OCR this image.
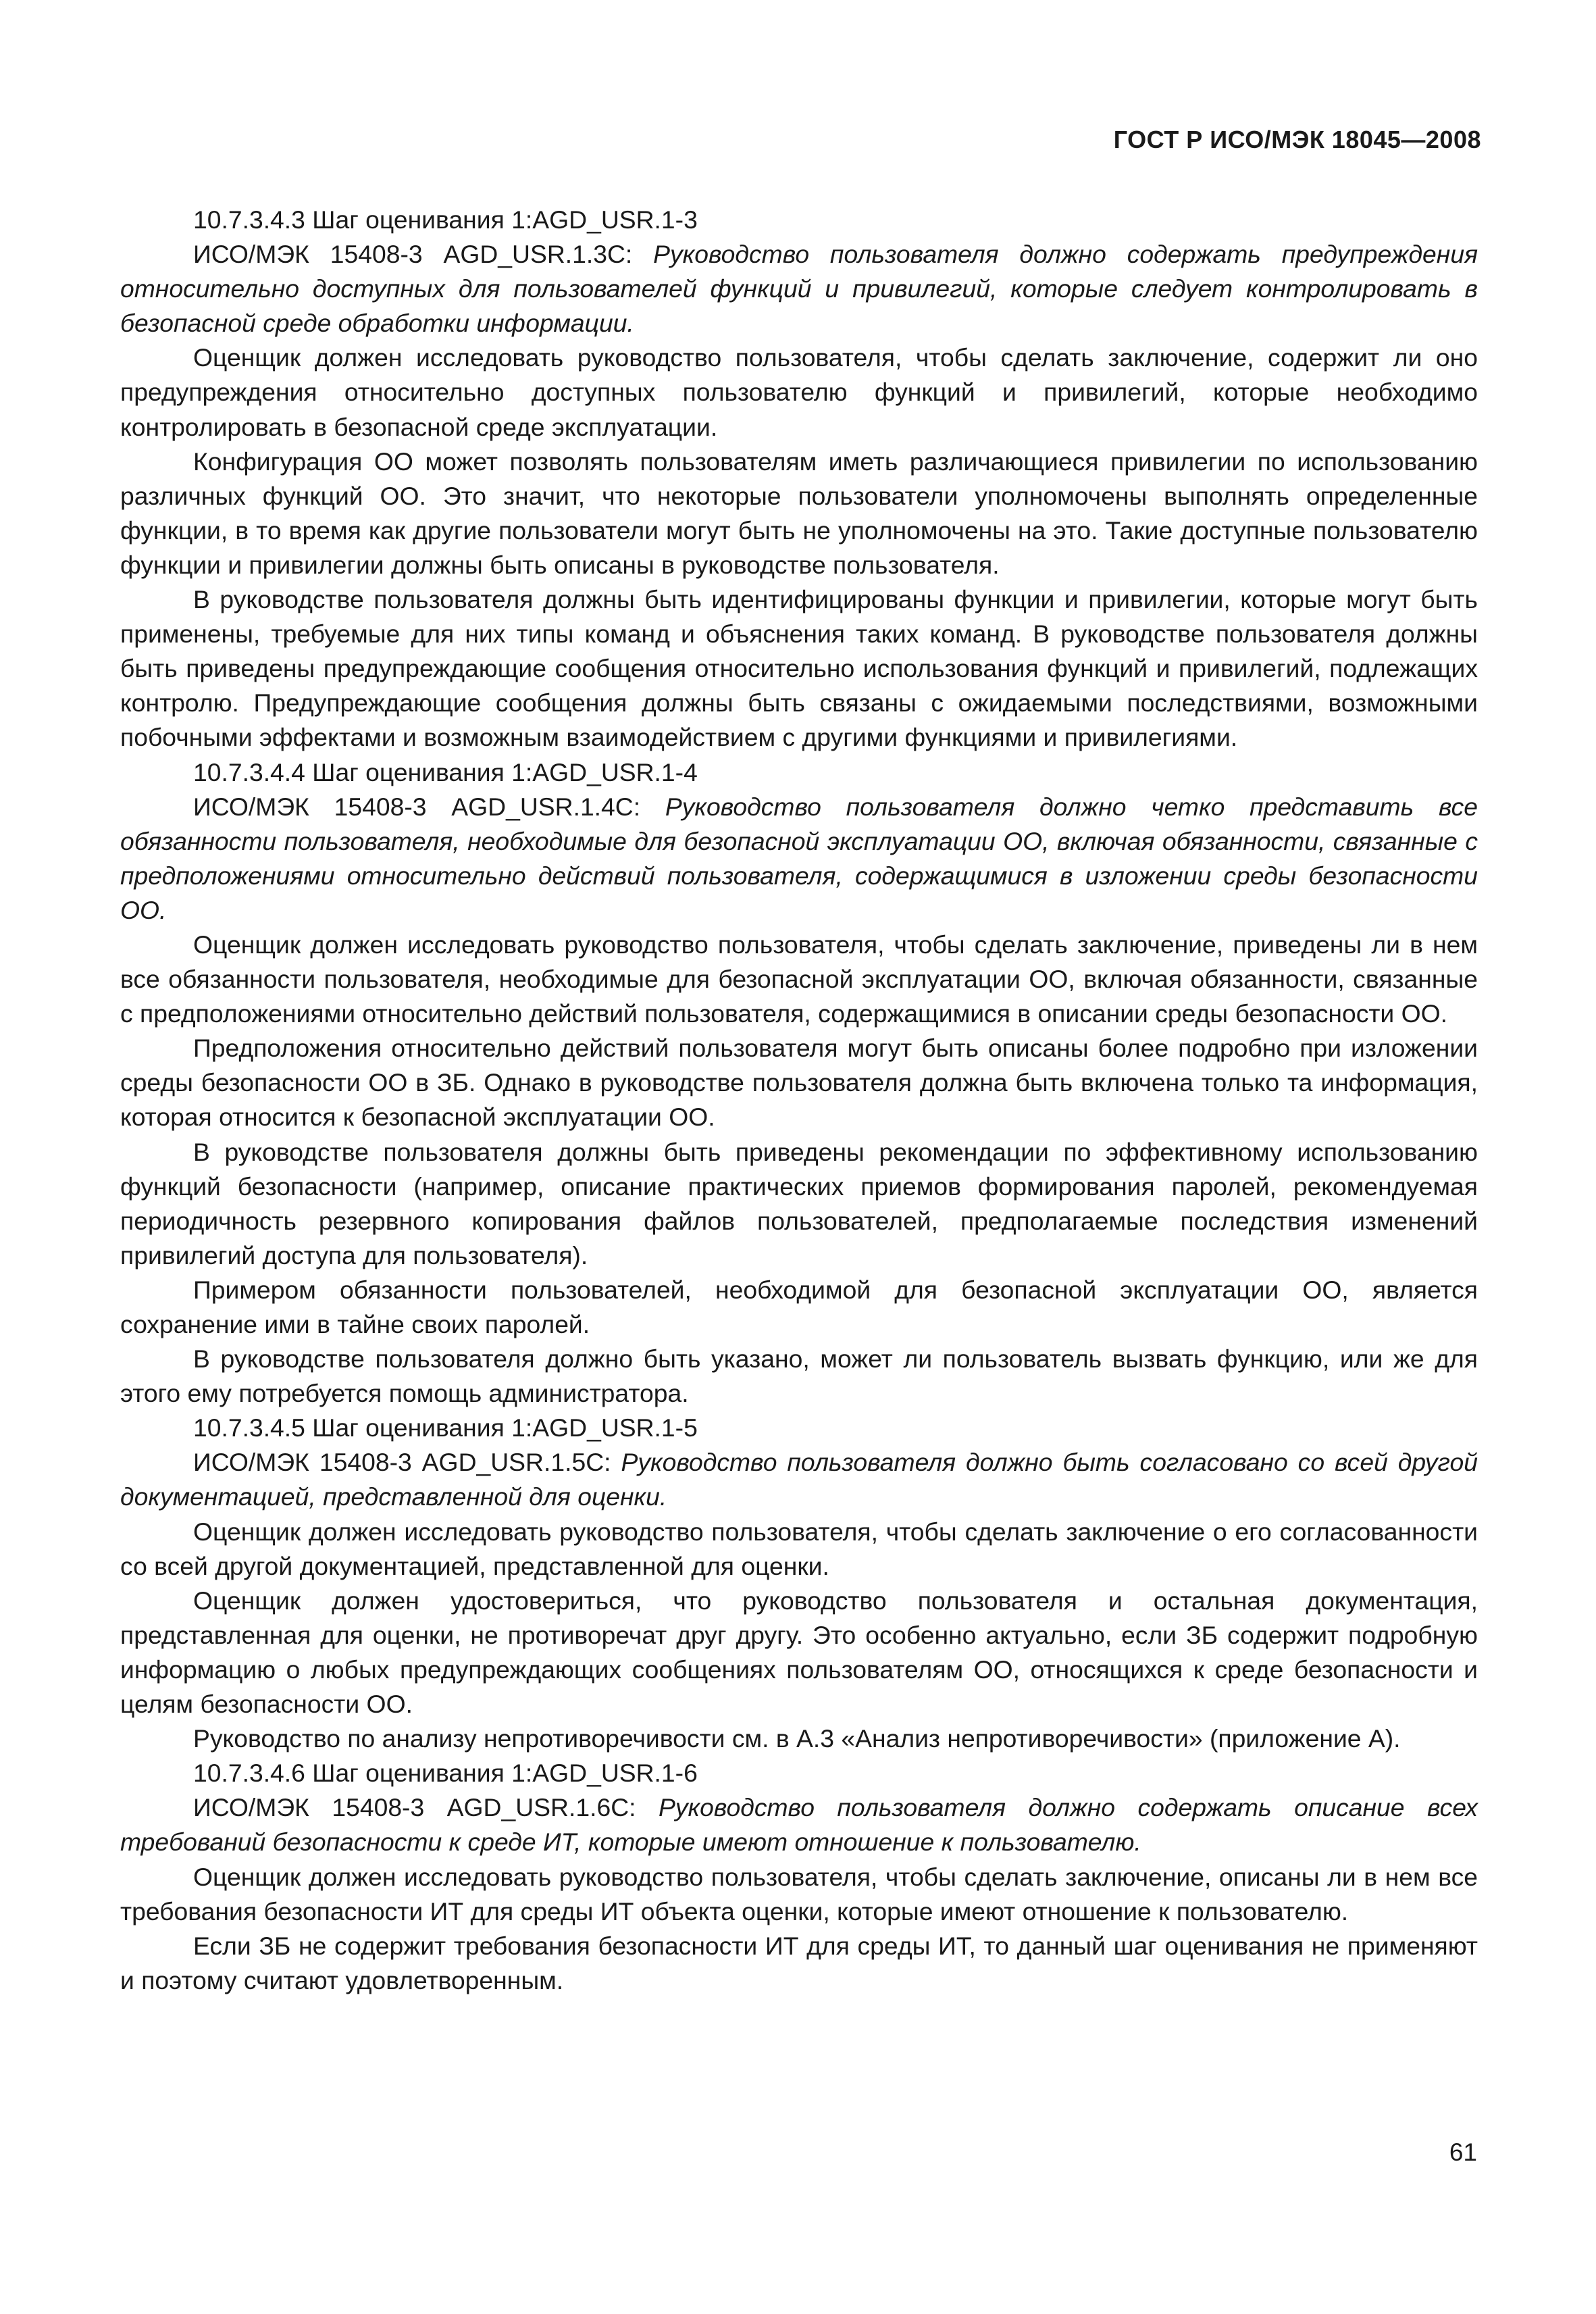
ГОСТ Р ИСО/МЭК 18045—2008

10.7.3.4.3 Шаг оценивания 1:AGD_USR.1-3

ИСО/МЭК 15408-3 AGD_USR.1.3С: Руководство пользователя должно содержать предупреждения относительно доступных для пользователей функций и привилегий, которые следует контролировать в безопасной среде обработки информации.

Оценщик должен исследовать руководство пользователя, чтобы сделать заключение, содержит ли оно предупреждения относительно доступных пользователю функций и привилегий, которые необходимо контролировать в безопасной среде эксплуатации.

Конфигурация ОО может позволять пользователям иметь различающиеся привилегии по использованию различных функций ОО. Это значит, что некоторые пользователи уполномочены выполнять определенные функции, в то время как другие пользователи могут быть не уполномочены на это. Такие доступные пользователю функции и привилегии должны быть описаны в руководстве пользователя.

В руководстве пользователя должны быть идентифицированы функции и привилегии, которые могут быть применены, требуемые для них типы команд и объяснения таких команд. В руководстве пользователя должны быть приведены предупреждающие сообщения относительно использования функций и привилегий, подлежащих контролю. Предупреждающие сообщения должны быть связаны с ожидаемыми последствиями, возможными побочными эффектами и возможным взаимодействием с другими функциями и привилегиями.

10.7.3.4.4 Шаг оценивания 1:AGD_USR.1-4

ИСО/МЭК 15408-3 AGD_USR.1.4С: Руководство пользователя должно четко представить все обязанности пользователя, необходимые для безопасной эксплуатации ОО, включая обязанности, связанные с предположениями относительно действий пользователя, содержащимися в изложении среды безопасности ОО.

Оценщик должен исследовать руководство пользователя, чтобы сделать заключение, приведены ли в нем все обязанности пользователя, необходимые для безопасной эксплуатации ОО, включая обязанности, связанные с предположениями относительно действий пользователя, содержащимися в описании среды безопасности ОО.

Предположения относительно действий пользователя могут быть описаны более подробно при изложении среды безопасности ОО в ЗБ. Однако в руководстве пользователя должна быть включена только та информация, которая относится к безопасной эксплуатации ОО.

В руководстве пользователя должны быть приведены рекомендации по эффективному использованию функций безопасности (например, описание практических приемов формирования паролей, рекомендуемая периодичность резервного копирования файлов пользователей, предполагаемые последствия изменений привилегий доступа для пользователя).

Примером обязанности пользователей, необходимой для безопасной эксплуатации ОО, является сохранение ими в тайне своих паролей.

В руководстве пользователя должно быть указано, может ли пользователь вызвать функцию, или же для этого ему потребуется помощь администратора.

10.7.3.4.5 Шаг оценивания 1:AGD_USR.1-5

ИСО/МЭК 15408-3 AGD_USR.1.5С: Руководство пользователя должно быть согласовано со всей другой документацией, представленной для оценки.

Оценщик должен исследовать руководство пользователя, чтобы сделать заключение о его согласованности со всей другой документацией, представленной для оценки.

Оценщик должен удостовериться, что руководство пользователя и остальная документация, представленная для оценки, не противоречат друг другу. Это особенно актуально, если ЗБ содержит подробную информацию о любых предупреждающих сообщениях пользователям ОО, относящихся к среде безопасности и целям безопасности ОО.

Руководство по анализу непротиворечивости см. в А.3 «Анализ непротиворечивости» (приложение А).

10.7.3.4.6 Шаг оценивания 1:AGD_USR.1-6

ИСО/МЭК 15408-3 AGD_USR.1.6С: Руководство пользователя должно содержать описание всех требований безопасности к среде ИТ, которые имеют отношение к пользователю.

Оценщик должен исследовать руководство пользователя, чтобы сделать заключение, описаны ли в нем все требования безопасности ИТ для среды ИТ объекта оценки, которые имеют отношение к пользователю.

Если ЗБ не содержит требования безопасности ИТ для среды ИТ, то данный шаг оценивания не применяют и поэтому считают удовлетворенным.

61
